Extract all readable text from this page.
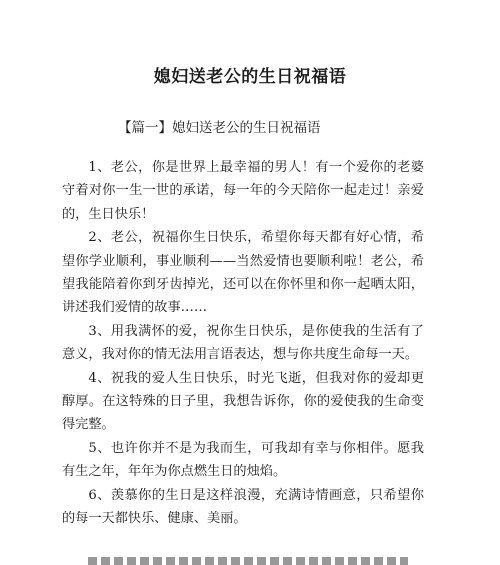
媳妇送老公的生日祝福语
【篇一】媳妇送老公的生日祝福语

1、老公，你是世界上最幸福的男人！有一个爱你的老婆守着对你一生一世的承诺，每一年的今天陪你一起走过！亲爱的，生日快乐！

2、老公，祝福你生日快乐，希望你每天都有好心情，希望你学业顺利，事业顺利——当然爱情也要顺利啦！老公，希望我能陪着你到牙齿掉光，还可以在你怀里和你一起晒太阳，讲述我们爱情的故事……

3、用我满怀的爱，祝你生日快乐，是你使我的生活有了意义，我对你的情无法用言语表达，想与你共度生命每一天。

4、祝我的爱人生日快乐，时光飞逝，但我对你的爱却更醇厚。在这特殊的日子里，我想告诉你，你的爱使我的生命变得完整。

5、也许你并不是为我而生，可我却有幸与你相伴。愿我有生之年，年年为你点燃生日的烛焰。

6、羡慕你的生日是这样浪漫，充满诗情画意，只希望你的每一天都快乐、健康、美丽。
